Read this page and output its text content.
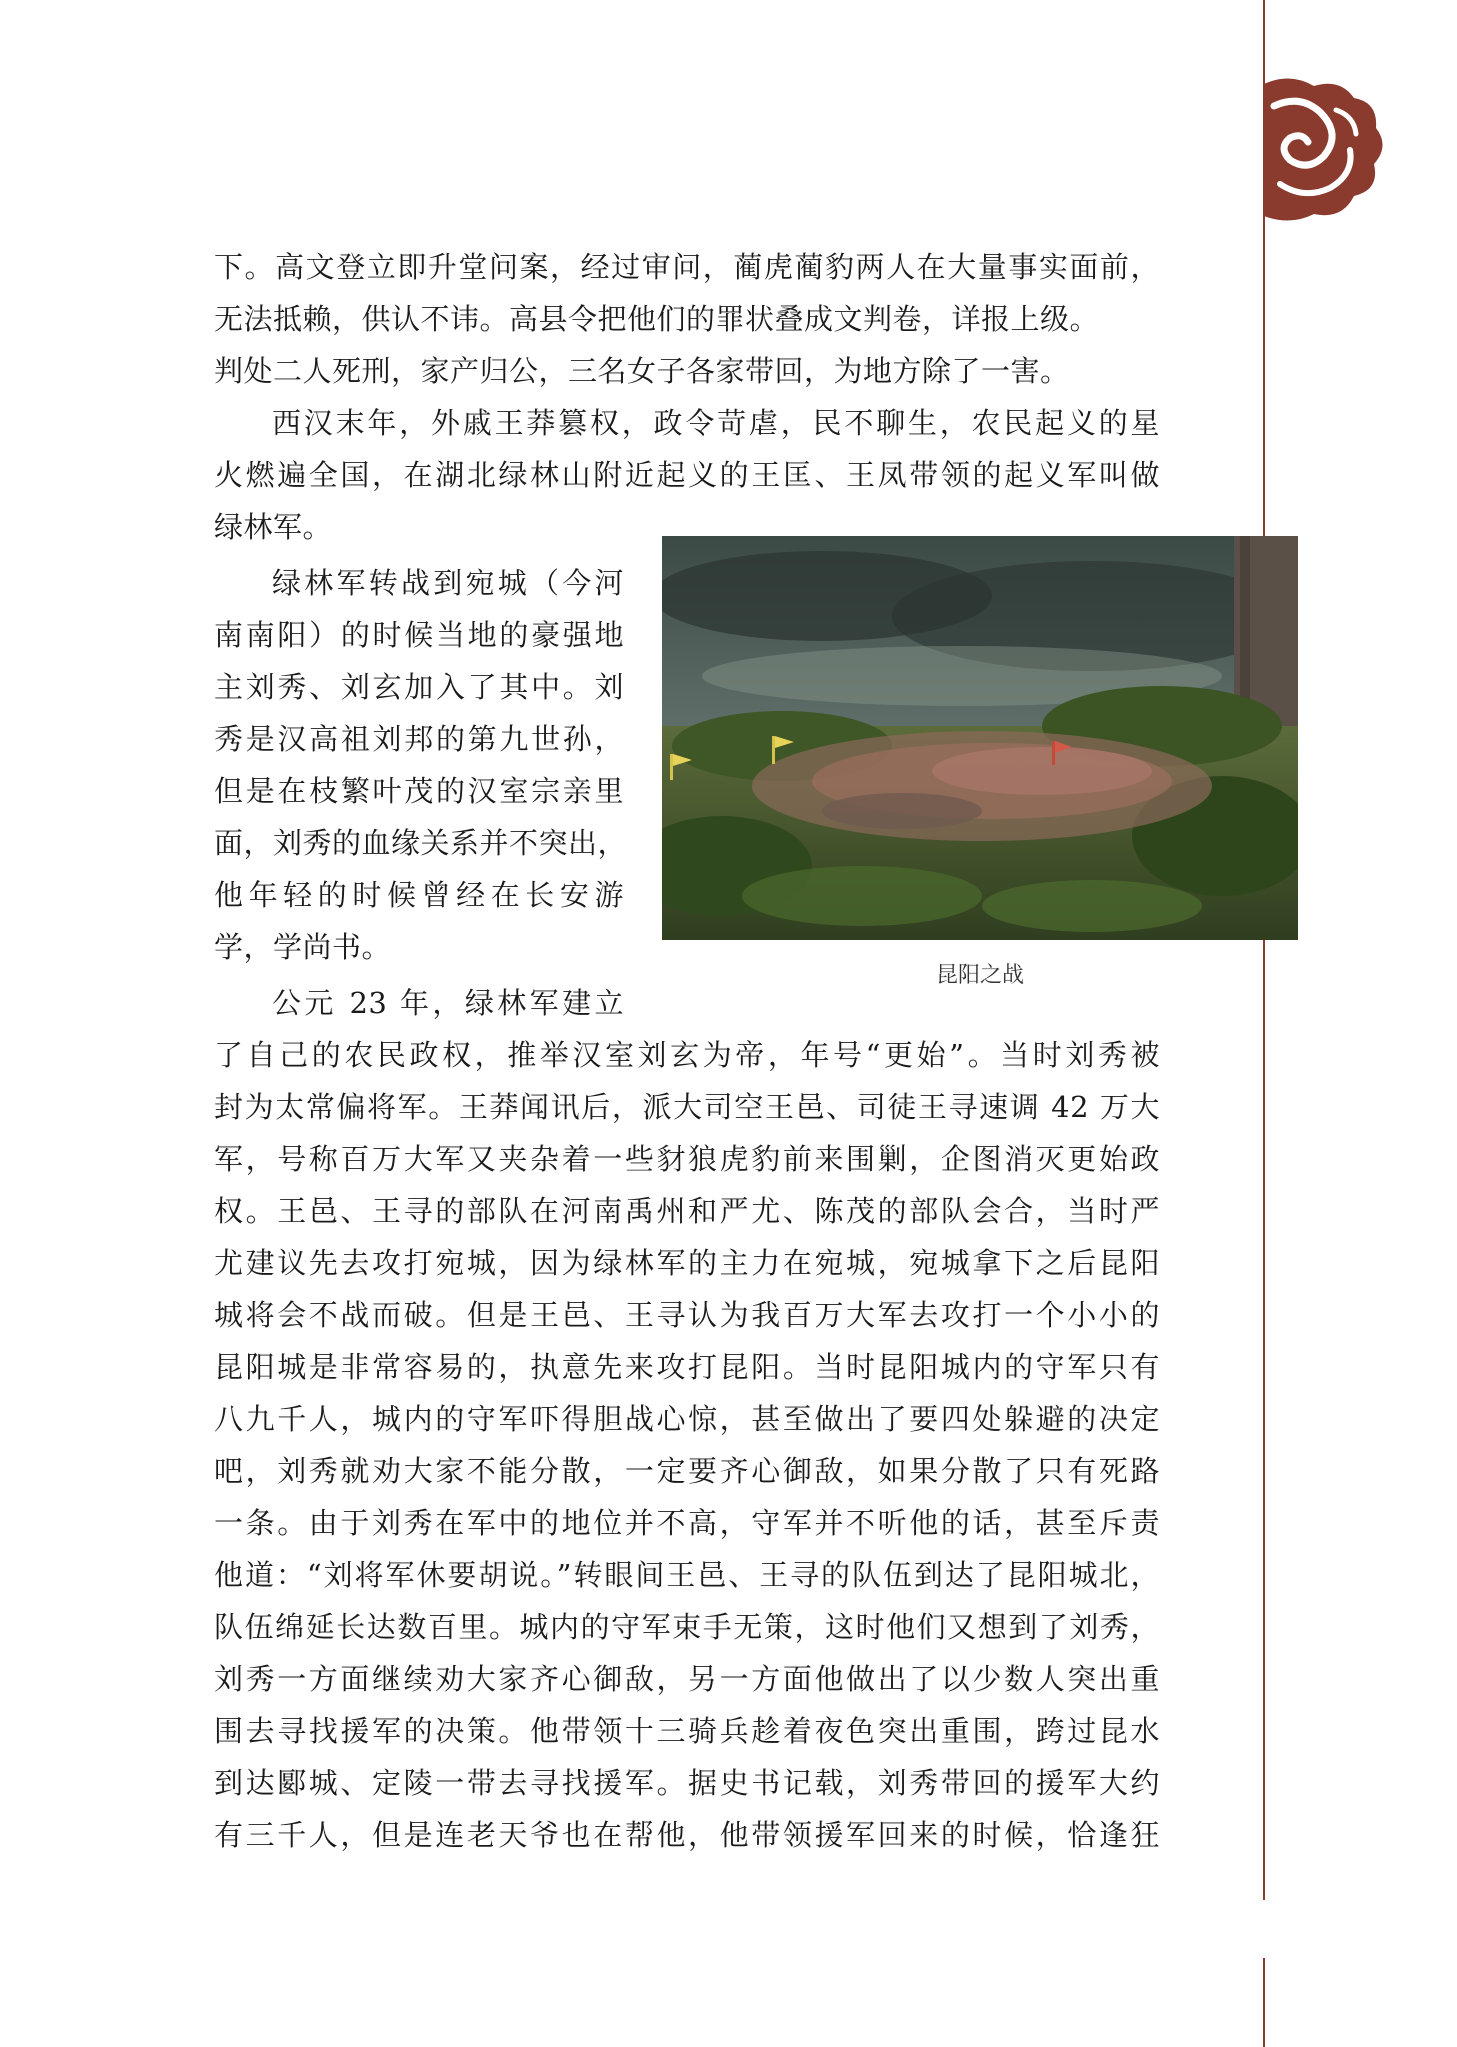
下。高文登立即升堂问案，经过审问，蔺虎蔺豹两人在大量事实面前，
无法抵赖，供认不讳。高县令把他们的罪状叠成文判卷，详报上级。
判处二人死刑，家产归公，三名女子各家带回，为地方除了一害。
西汉末年，外戚王莽篡权，政令苛虐，民不聊生，农民起义的星
火燃遍全国，在湖北绿林山附近起义的王匡、王凤带领的起义军叫做
绿林军。
绿林军转战到宛城（今河
南南阳）的时候当地的豪强地
主刘秀、刘玄加入了其中。刘
秀是汉高祖刘邦的第九世孙，
但是在枝繁叶茂的汉室宗亲里
面，刘秀的血缘关系并不突出，
他年轻的时候曾经在长安游
学，学尚书。
公元 23 年，绿林军建立
了自己的农民政权，推举汉室刘玄为帝，年号“更始”。当时刘秀被
封为太常偏将军。王莽闻讯后，派大司空王邑、司徒王寻速调 42 万大
军，号称百万大军又夹杂着一些豺狼虎豹前来围剿，企图消灭更始政
权。王邑、王寻的部队在河南禹州和严尤、陈茂的部队会合，当时严
尤建议先去攻打宛城，因为绿林军的主力在宛城，宛城拿下之后昆阳
城将会不战而破。但是王邑、王寻认为我百万大军去攻打一个小小的
昆阳城是非常容易的，执意先来攻打昆阳。当时昆阳城内的守军只有
八九千人，城内的守军吓得胆战心惊，甚至做出了要四处躲避的决定
吧，刘秀就劝大家不能分散，一定要齐心御敌，如果分散了只有死路
一条。由于刘秀在军中的地位并不高，守军并不听他的话，甚至斥责
他道：“刘将军休要胡说。”转眼间王邑、王寻的队伍到达了昆阳城北，
队伍绵延长达数百里。城内的守军束手无策，这时他们又想到了刘秀，
刘秀一方面继续劝大家齐心御敌，另一方面他做出了以少数人突出重
围去寻找援军的决策。他带领十三骑兵趁着夜色突出重围，跨过昆水
到达郾城、定陵一带去寻找援军。据史书记载，刘秀带回的援军大约
有三千人，但是连老天爷也在帮他，他带领援军回来的时候，恰逢狂
昆阳之战
